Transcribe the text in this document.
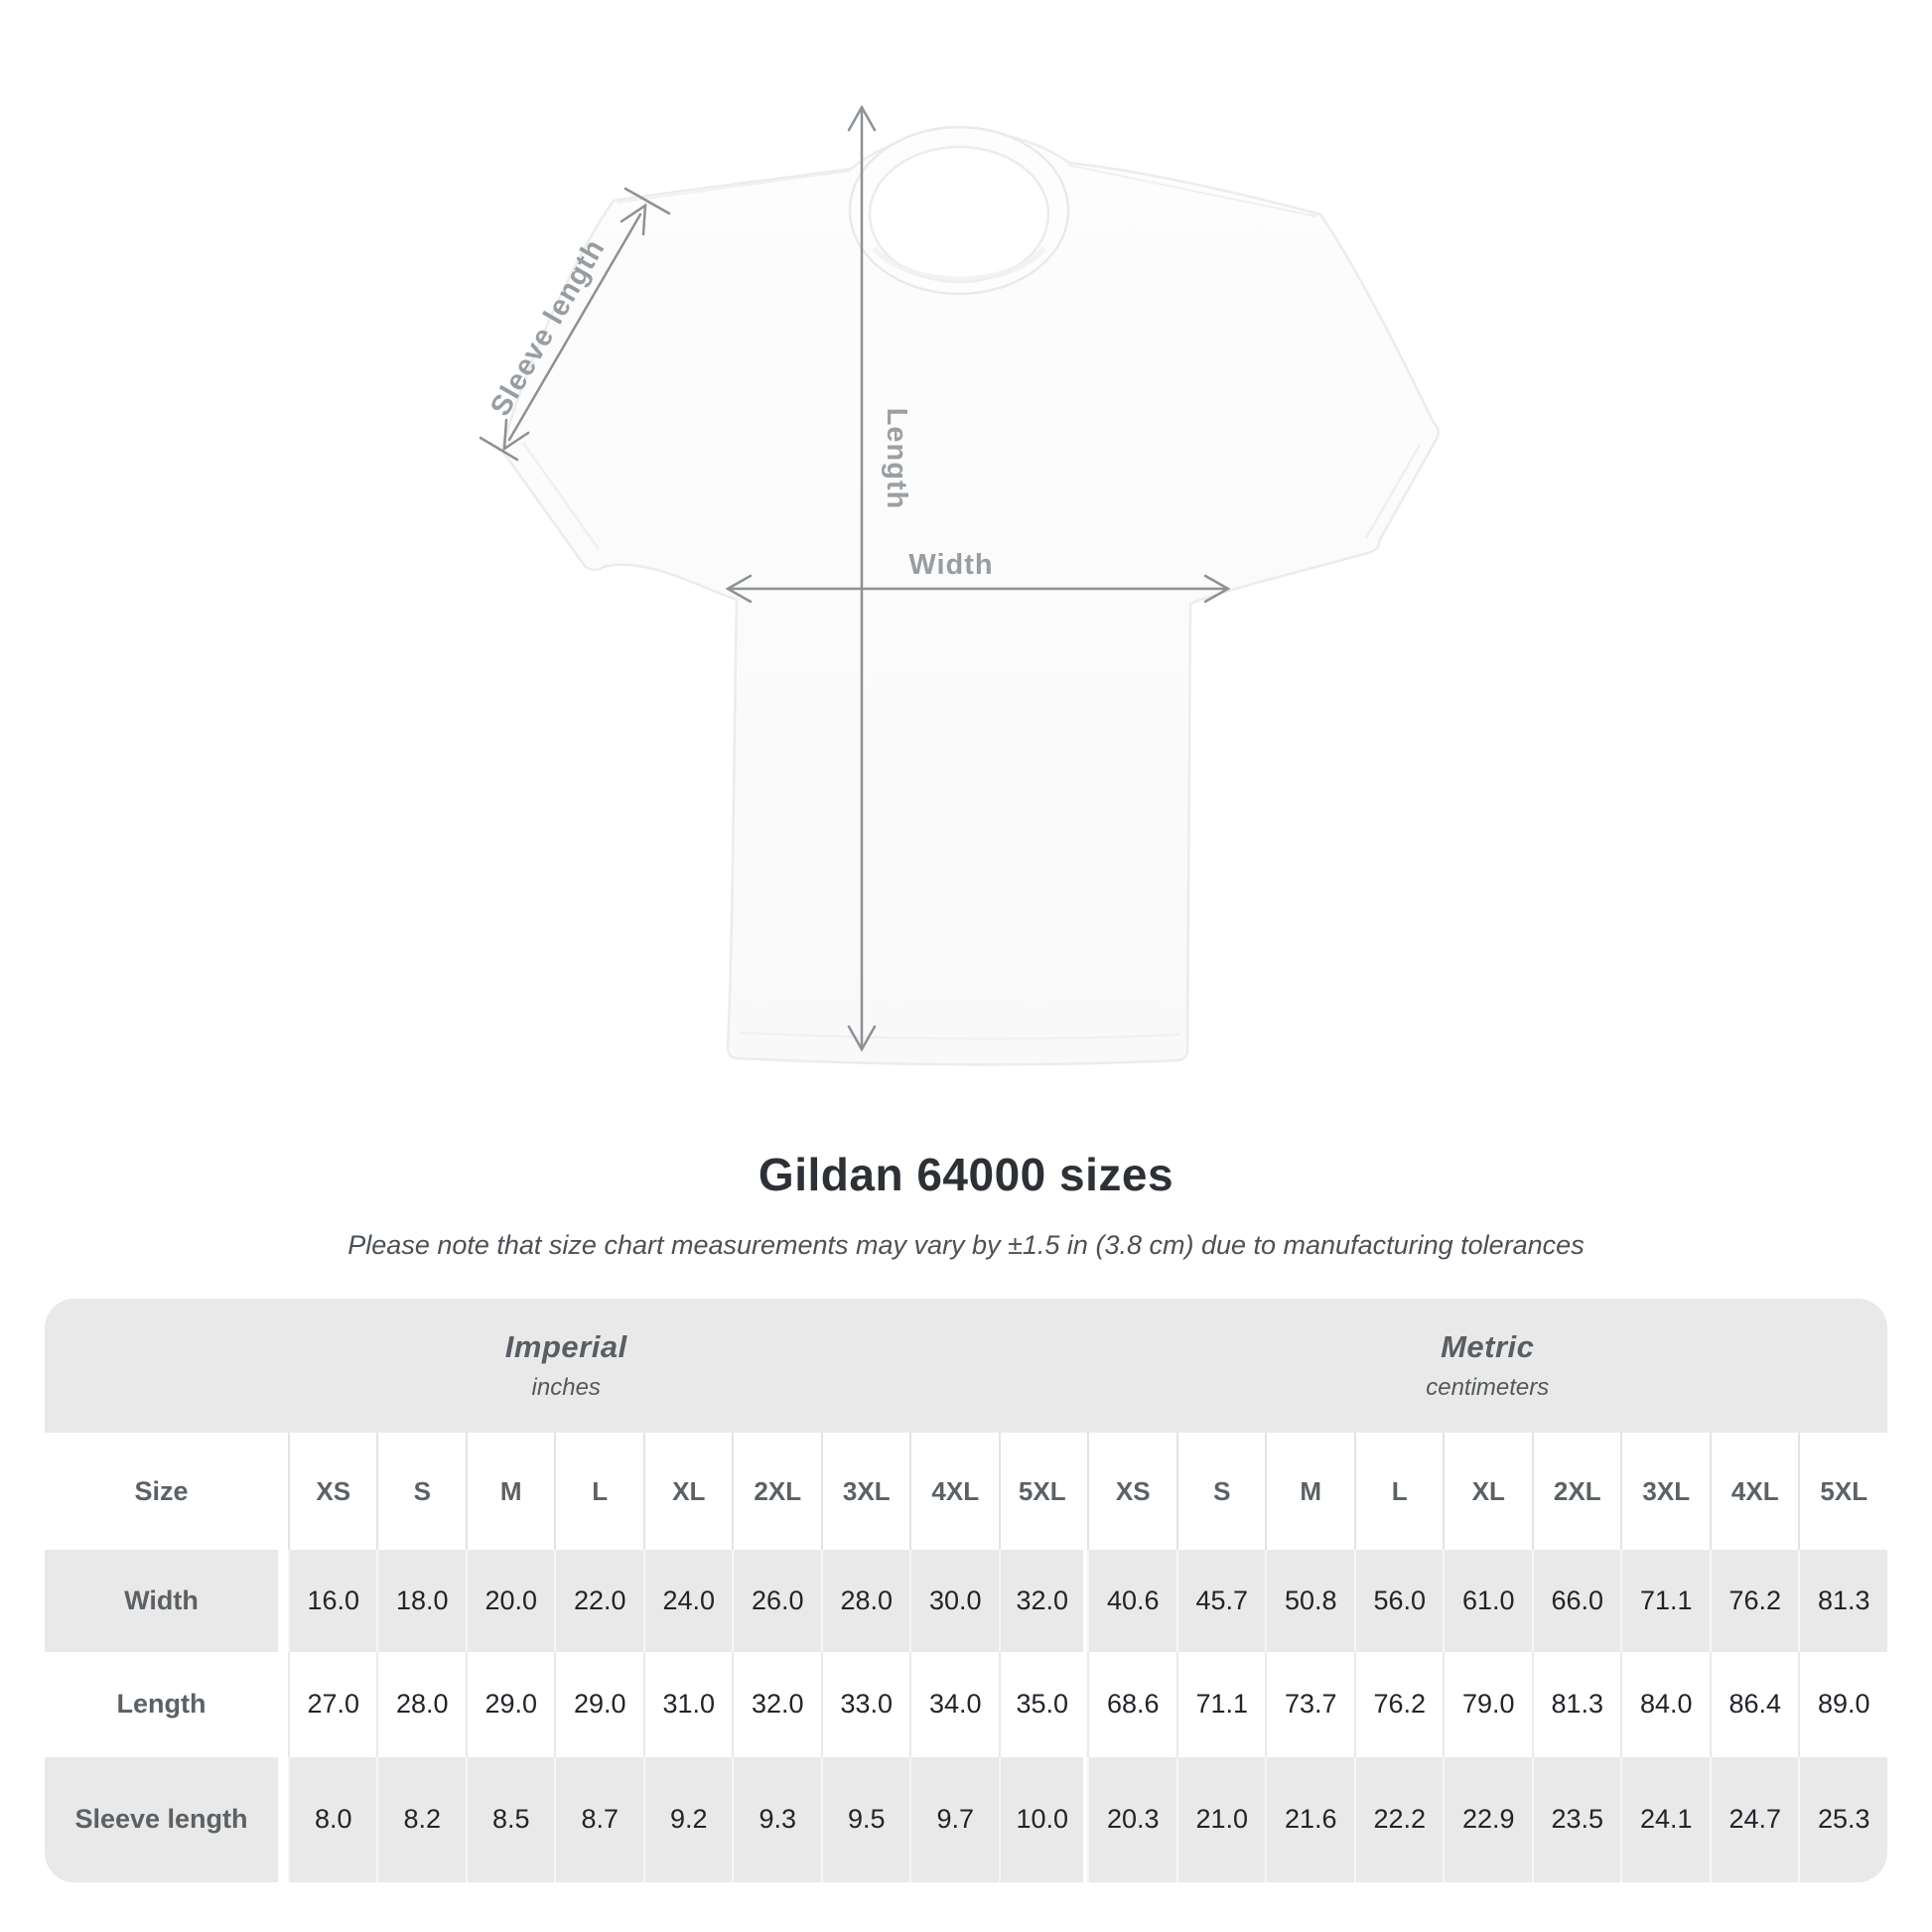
Width
Length
Sleeve length
Gildan 64000 sizes
Please note that size chart measurements may vary by ±1.5 in (3.8 cm) due to manufacturing tolerances
Imperial
inches

Metric
centimeters

Size	XS	S	M	L	XL	2XL	3XL	4XL	5XL	XS	S	M	L	XL	2XL	3XL	4XL	5XL
Width	16.0	18.0	20.0	22.0	24.0	26.0	28.0	30.0	32.0	40.6	45.7	50.8	56.0	61.0	66.0	71.1	76.2	81.3
Length	27.0	28.0	29.0	29.0	31.0	32.0	33.0	34.0	35.0	68.6	71.1	73.7	76.2	79.0	81.3	84.0	86.4	89.0
Sleeve length	8.0	8.2	8.5	8.7	9.2	9.3	9.5	9.7	10.0	20.3	21.0	21.6	22.2	22.9	23.5	24.1	24.7	25.3
